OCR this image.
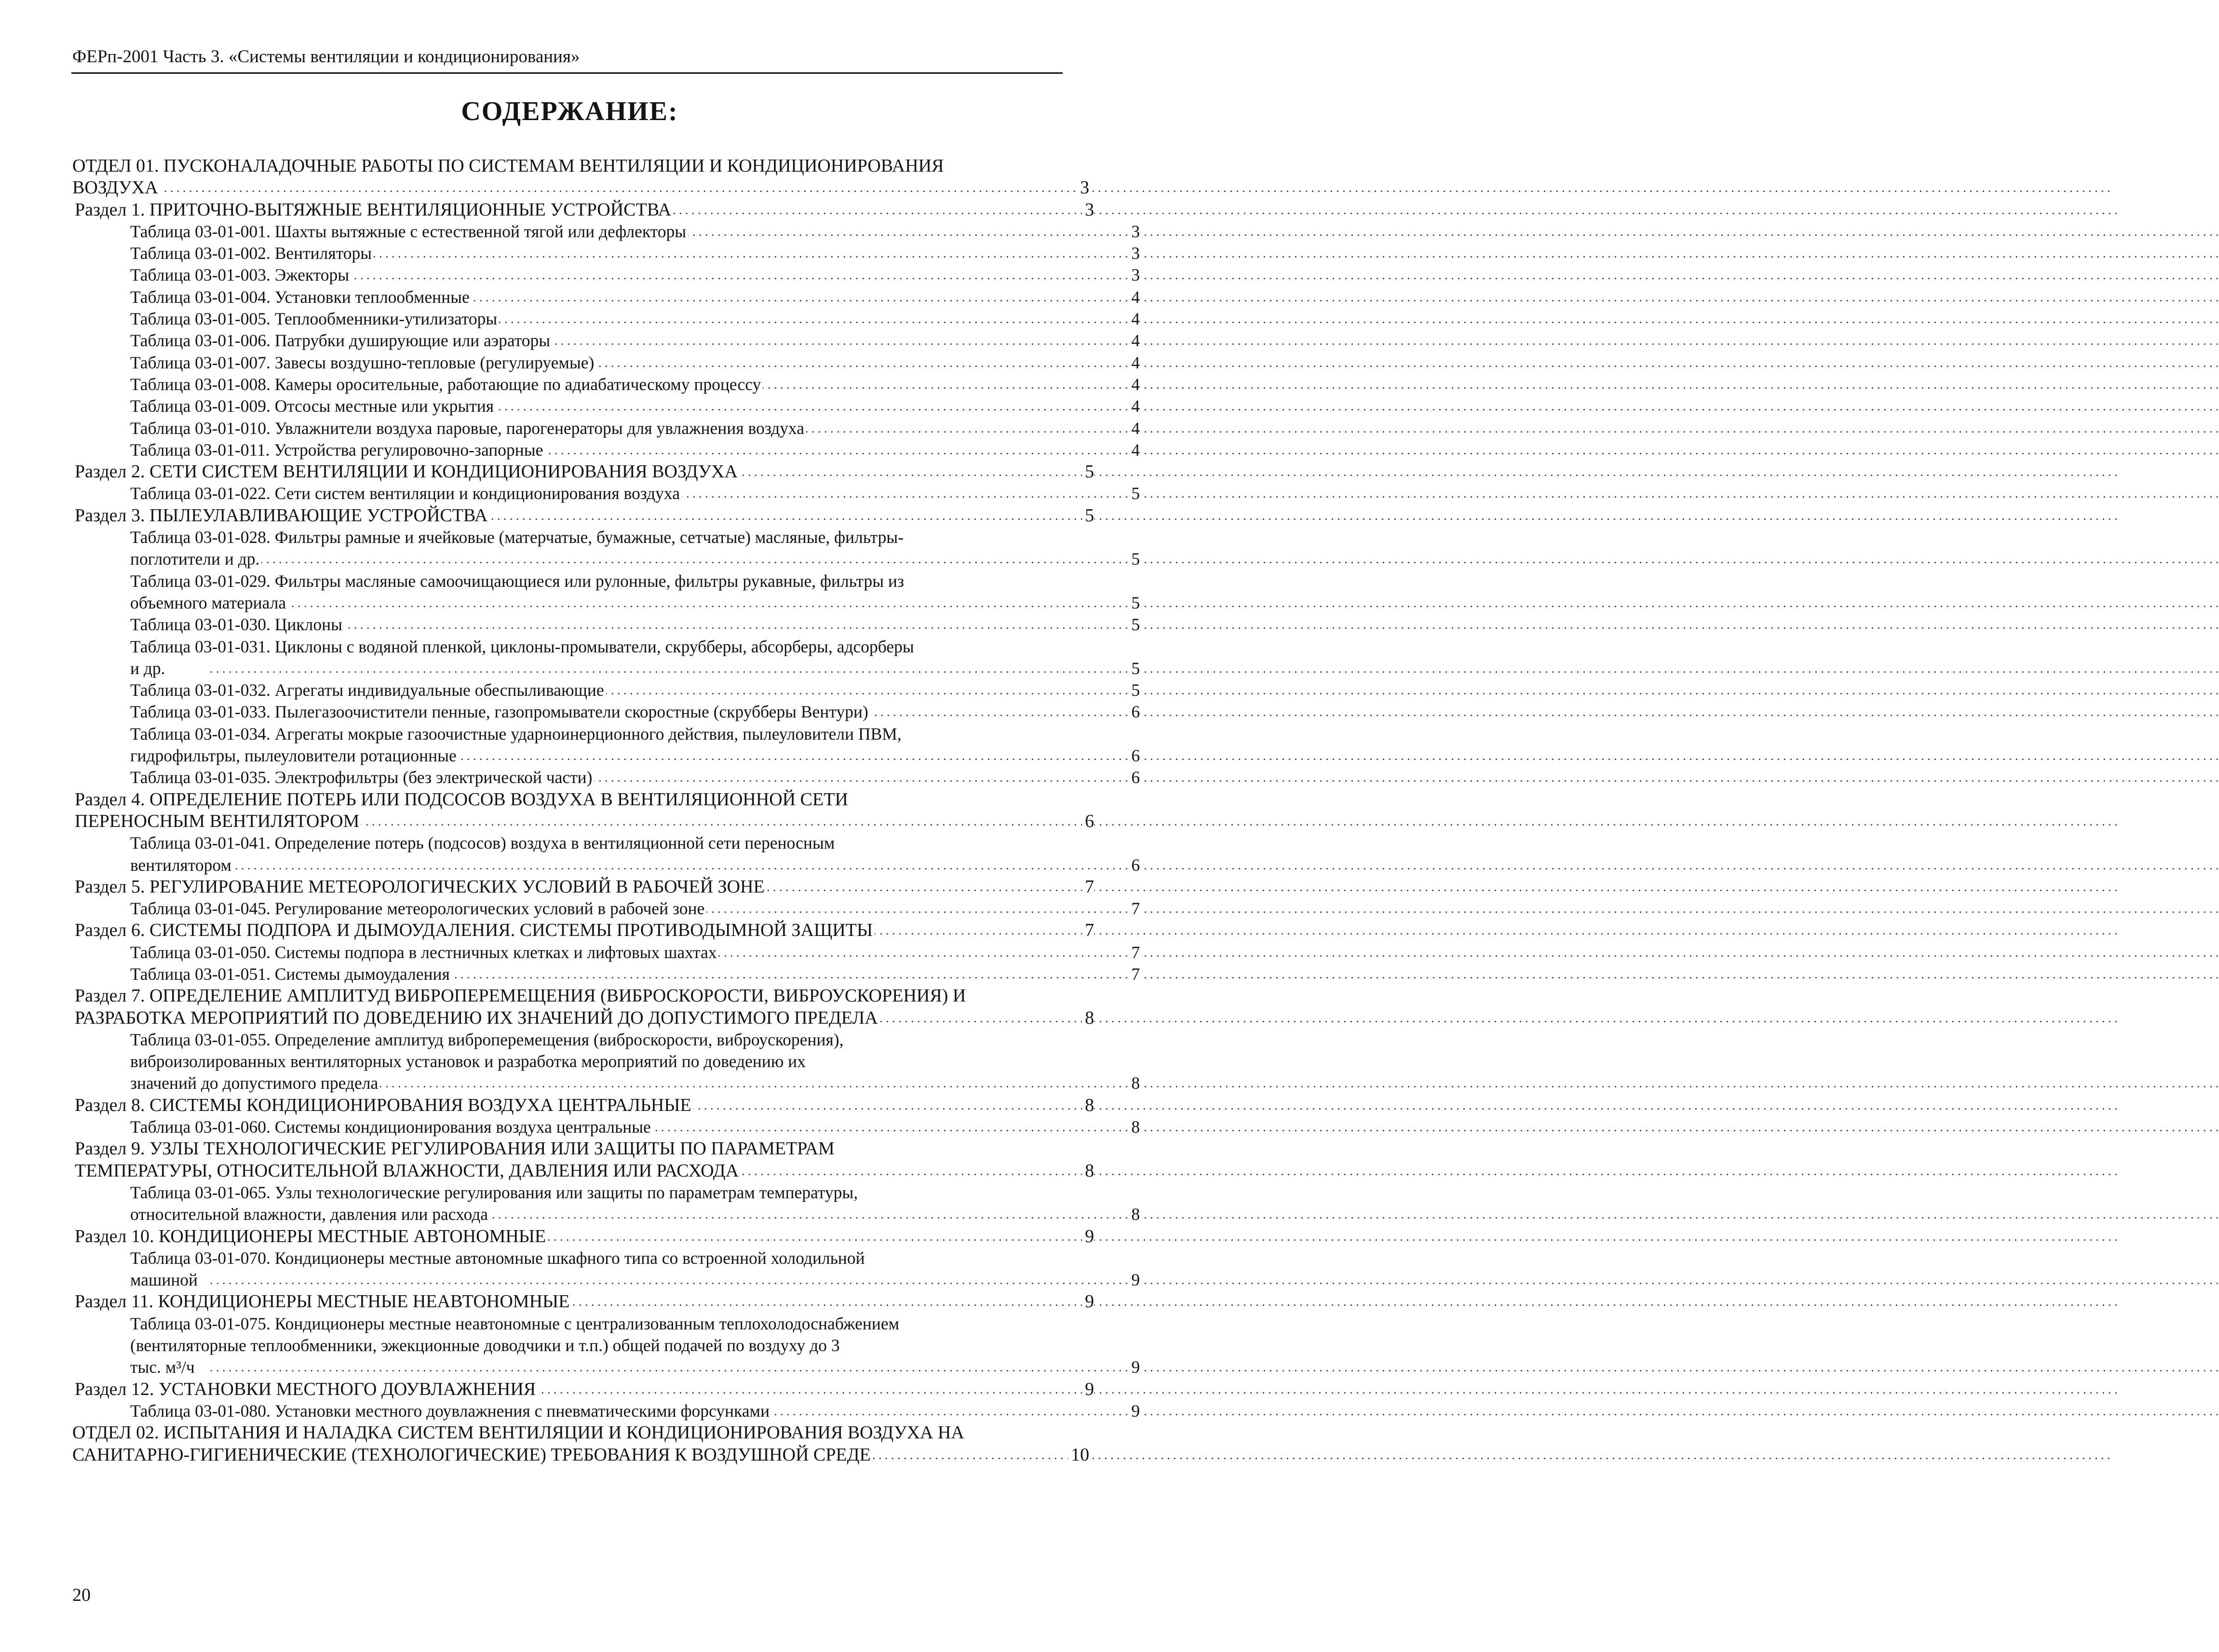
ФЕРп-2001 Часть 3. «Системы вентиляции и кондиционирования»
СОДЕРЖАНИЕ:
ОТДЕЛ 01. ПУСКОНАЛАДОЧНЫЕ РАБОТЫ ПО СИСТЕМАМ ВЕНТИЛЯЦИИ И КОНДИЦИОНИРОВАНИЯ
3
ВОЗДУХА . . .
3
Раздел 1. ПРИТОЧНО-ВЫТЯЖНЫЕ ВЕНТИЛЯЦИОННЫЕ УСТРОЙСТВА . . .
3
Таблица 03-01-001. Шахты вытяжные с естественной тягой или дефлекторы . . .
3
Таблица 03-01-002. Вентиляторы . . .
3
Таблица 03-01-003. Эжекторы . . .
4
Таблица 03-01-004. Установки теплообменные . . .
4
Таблица 03-01-005. Теплообменники-утилизаторы . . .
4
Таблица 03-01-006. Патрубки душирующие или аэраторы . . .
4
Таблица 03-01-007. Завесы воздушно-тепловые (регулируемые) . . .
4
Таблица 03-01-008. Камеры оросительные, работающие по адиабатическому процессу . . .
4
Таблица 03-01-009. Отсосы местные или укрытия . . .
4
Таблица 03-01-010. Увлажнители воздуха паровые, парогенераторы для увлажнения воздуха . . .
4
Таблица 03-01-011. Устройства регулировочно-запорные . . .
5
Раздел 2. СЕТИ СИСТЕМ ВЕНТИЛЯЦИИ И КОНДИЦИОНИРОВАНИЯ ВОЗДУХА . . .
5
Таблица 03-01-022. Сети систем вентиляции и кондиционирования воздуха . . .
5
Раздел 3. ПЫЛЕУЛАВЛИВАЮЩИЕ УСТРОЙСТВА . . .
Таблица 03-01-028. Фильтры рамные и ячейковые (матерчатые, бумажные, сетчатые) масляные, фильтры-
5
поглотители и др. . . .
Таблица 03-01-029. Фильтры масляные самоочищающиеся или рулонные, фильтры рукавные, фильтры из
5
объемного материала . . .
5
Таблица 03-01-030. Циклоны . . .
Таблица 03-01-031. Циклоны с водяной пленкой, циклоны-промыватели, скрубберы, абсорберы, адсорберы
5
и др. . . .
5
Таблица 03-01-032. Агрегаты индивидуальные обеспыливающие . . .
6
Таблица 03-01-033. Пылегазоочистители пенные, газопромыватели скоростные (скрубберы Вентури) . . .
Таблица 03-01-034. Агрегаты мокрые газоочистные ударноинерционного действия, пылеуловители ПВМ,
6
гидрофильтры, пылеуловители ротационные . . .
6
Таблица 03-01-035. Электрофильтры (без электрической части) . . .
Раздел 4. ОПРЕДЕЛЕНИЕ ПОТЕРЬ ИЛИ ПОДСОСОВ ВОЗДУХА В ВЕНТИЛЯЦИОННОЙ СЕТИ
6
ПЕРЕНОСНЫМ ВЕНТИЛЯТОРОМ . . .
Таблица 03-01-041. Определение потерь (подсосов) воздуха в вентиляционной сети переносным
6
вентилятором . . .
7
Раздел 5. РЕГУЛИРОВАНИЕ МЕТЕОРОЛОГИЧЕСКИХ УСЛОВИЙ В РАБОЧЕЙ ЗОНЕ . . .
7
Таблица 03-01-045. Регулирование метеорологических условий в рабочей зоне . . .
7
Раздел 6. СИСТЕМЫ ПОДПОРА И ДЫМОУДАЛЕНИЯ. СИСТЕМЫ ПРОТИВОДЫМНОЙ ЗАЩИТЫ . . .
7
Таблица 03-01-050. Системы подпора в лестничных клетках и лифтовых шахтах . . .
7
Таблица 03-01-051. Системы дымоудаления . . .
Раздел 7. ОПРЕДЕЛЕНИЕ АМПЛИТУД ВИБРОПЕРЕМЕЩЕНИЯ (ВИБРОСКОРОСТИ, ВИБРОУСКОРЕНИЯ) И
8
РАЗРАБОТКА МЕРОПРИЯТИЙ ПО ДОВЕДЕНИЮ ИХ ЗНАЧЕНИЙ ДО ДОПУСТИМОГО ПРЕДЕЛА . . .
Таблица 03-01-055. Определение амплитуд виброперемещения (виброскорости, виброускорения),
виброизолированных вентиляторных установок и разработка мероприятий по доведению их
8
значений до допустимого предела . . .
8
Раздел 8. СИСТЕМЫ КОНДИЦИОНИРОВАНИЯ ВОЗДУХА ЦЕНТРАЛЬНЫЕ . . .
8
Таблица 03-01-060. Системы кондиционирования воздуха центральные . . .
Раздел 9. УЗЛЫ ТЕХНОЛОГИЧЕСКИЕ РЕГУЛИРОВАНИЯ ИЛИ ЗАЩИТЫ ПО ПАРАМЕТРАМ
8
ТЕМПЕРАТУРЫ, ОТНОСИТЕЛЬНОЙ ВЛАЖНОСТИ, ДАВЛЕНИЯ ИЛИ РАСХОДА . . .
Таблица 03-01-065. Узлы технологические регулирования или защиты по параметрам температуры,
8
относительной влажности, давления или расхода . . .
9
Раздел 10. КОНДИЦИОНЕРЫ МЕСТНЫЕ АВТОНОМНЫЕ . . .
Таблица 03-01-070. Кондиционеры местные автономные шкафного типа со встроенной холодильной
9
машиной . . .
9
Раздел 11. КОНДИЦИОНЕРЫ МЕСТНЫЕ НЕАВТОНОМНЫЕ . . .
Таблица 03-01-075. Кондиционеры местные неавтономные с централизованным теплохолодоснабжением
(вентиляторные теплообменники, эжекционные доводчики и т.п.) общей подачей по воздуху до 3
9
тыс. м³/ч . . .
9
Раздел 12. УСТАНОВКИ МЕСТНОГО ДОУВЛАЖНЕНИЯ . . .
9
Таблица 03-01-080. Установки местного доувлажнения с пневматическими форсунками . . .
ОТДЕЛ 02. ИСПЫТАНИЯ И НАЛАДКА СИСТЕМ ВЕНТИЛЯЦИИ И КОНДИЦИОНИРОВАНИЯ ВОЗДУХА НА
10
САНИТАРНО-ГИГИЕНИЧЕСКИЕ (ТЕХНОЛОГИЧЕСКИЕ) ТРЕБОВАНИЯ К ВОЗДУШНОЙ СРЕДЕ . . .
20
